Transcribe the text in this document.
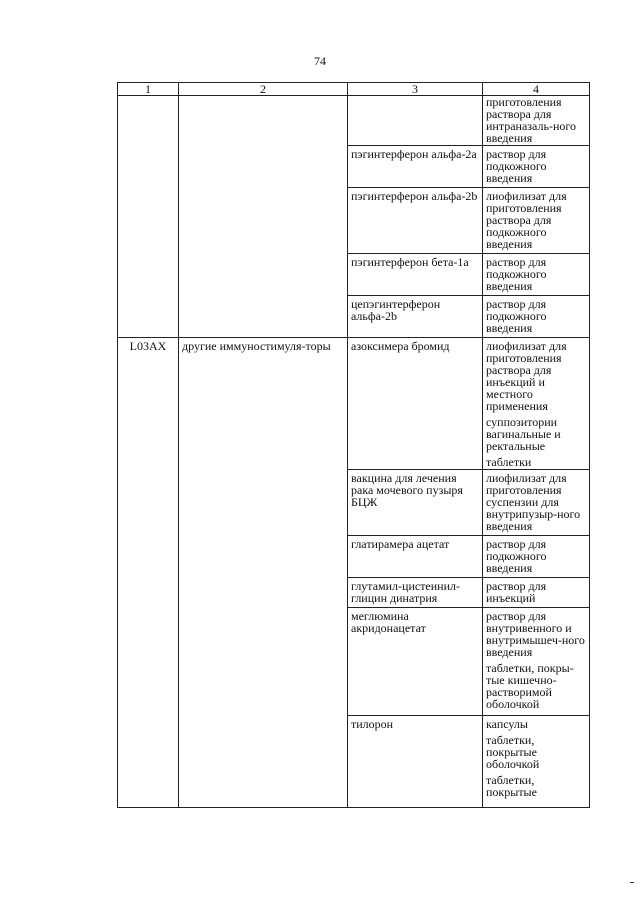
74
1	2	3	4

			приготовления раствора для интраназаль-ного введения

		пэгинтерферон альфа-2a	раствор для подкожного введения

		пэгинтерферон альфа-2b	лиофилизат для приготовления раствора для подкожного введения

		пэгинтерферон бета-1a	раствор для подкожного введения

		цепэгинтерферон альфа-2b	раствор для подкожного введения

L03AX	другие иммуностимуля-торы	азоксимера бромид	лиофилизат для приготовления раствора для инъекций и местного применения
суппозитории вагинальные и ректальные
таблетки

		вакцина для лечения рака мочевого пузыря БЦЖ	лиофилизат для приготовления суспензии для внутрипузыр-ного введения

		глатирамера ацетат	раствор для подкожного введения

		глутамил-цистеинил-глицин динатрия	раствор для инъекций

		меглюмина акридонацетат	раствор для внутривенного и внутримышеч-ного введения
таблетки, покры-тые кишечно-растворимой оболочкой

		тилорон	капсулы
таблетки, покрытые оболочкой
таблетки, покрытые
